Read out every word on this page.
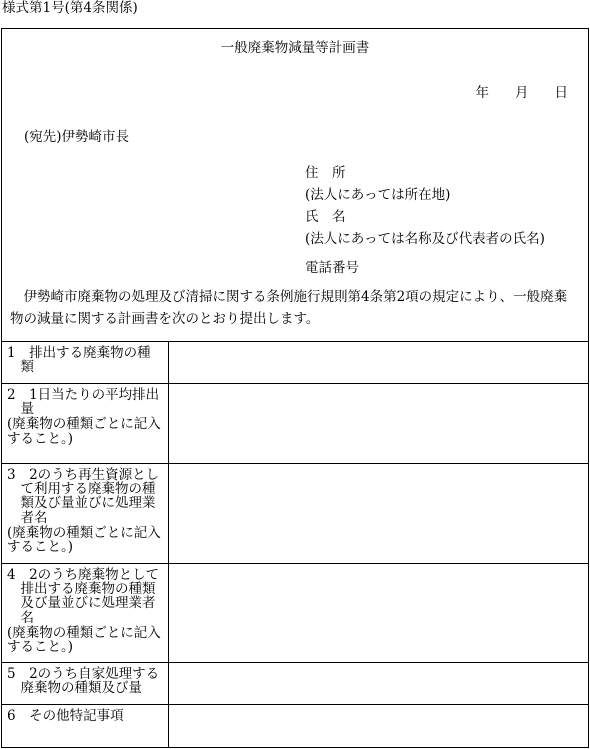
様式第1号(第4条関係)
一般廃棄物減量等計画書
年 月 日
(宛先)伊勢崎市長
住　所
(法人にあっては所在地)
氏　名
(法人にあっては名称及び代表者の氏名)
電話番号
伊勢崎市廃棄物の処理及び清掃に関する条例施行規則第4条第2項の規定により、一般廃棄物の減量に関する計画書を次のとおり提出します。
1　排出する廃棄物の種類	

2　1日当たりの平均排出量
(廃棄物の種類ごとに記入すること。)	

3　2のうち再生資源として利用する廃棄物の種類及び量並びに処理業者名
(廃棄物の種類ごとに記入すること。)	

4　2のうち廃棄物として排出する廃棄物の種類及び量並びに処理業者名
(廃棄物の種類ごとに記入すること。)	

5　2のうち自家処理する廃棄物の種類及び量	

6　その他特記事項	
